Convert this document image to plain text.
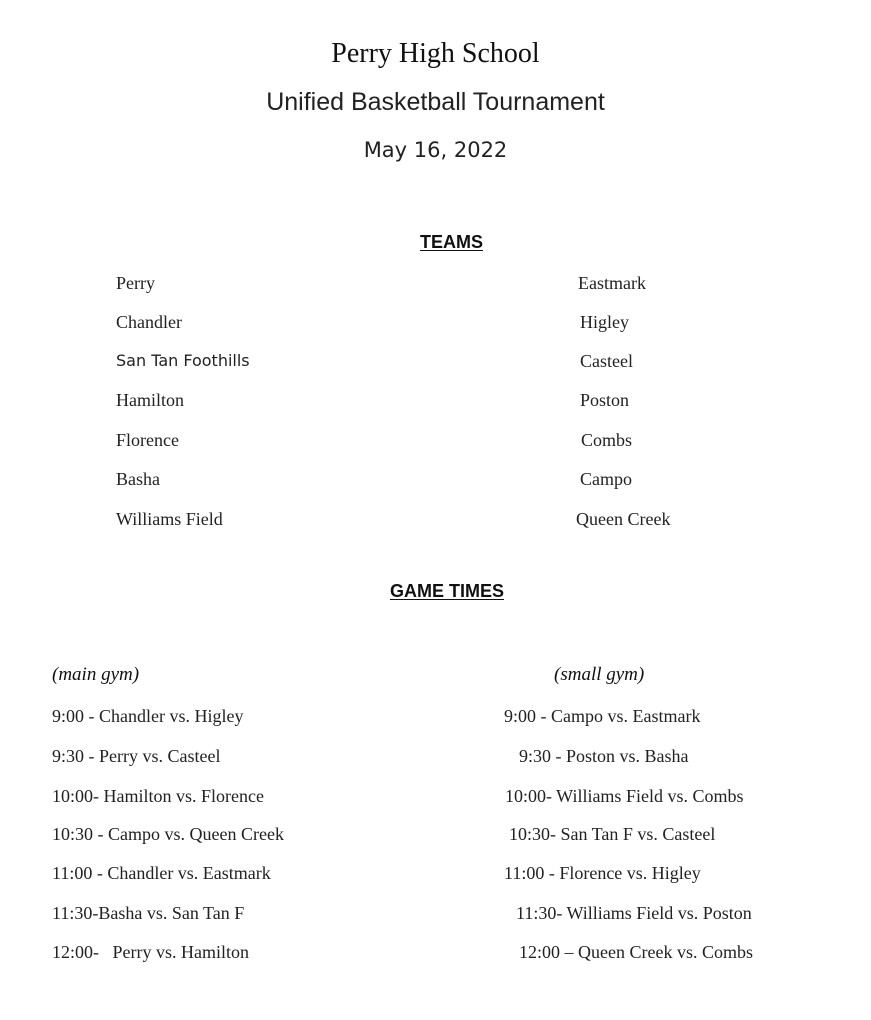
Perry High School
Unified Basketball Tournament
May 16, 2022
TEAMS
Perry
Chandler
San Tan Foothills
Hamilton
Florence
Basha
Williams Field
Eastmark
Higley
Casteel
Poston
Combs
Campo
Queen Creek
GAME TIMES
(main gym)	(small gym)
9:00 - Chandler vs. Higley
9:30 - Perry vs. Casteel
10:00- Hamilton vs. Florence
10:30 - Campo vs. Queen Creek
11:00 - Chandler vs. Eastmark
11:30-Basha vs. San Tan F
12:00-   Perry vs. Hamilton
9:00 - Campo vs. Eastmark
9:30 - Poston vs. Basha
10:00- Williams Field vs. Combs
10:30- San Tan F vs. Casteel
11:00 - Florence vs. Higley
11:30- Williams Field vs. Poston
12:00 – Queen Creek vs. Combs
